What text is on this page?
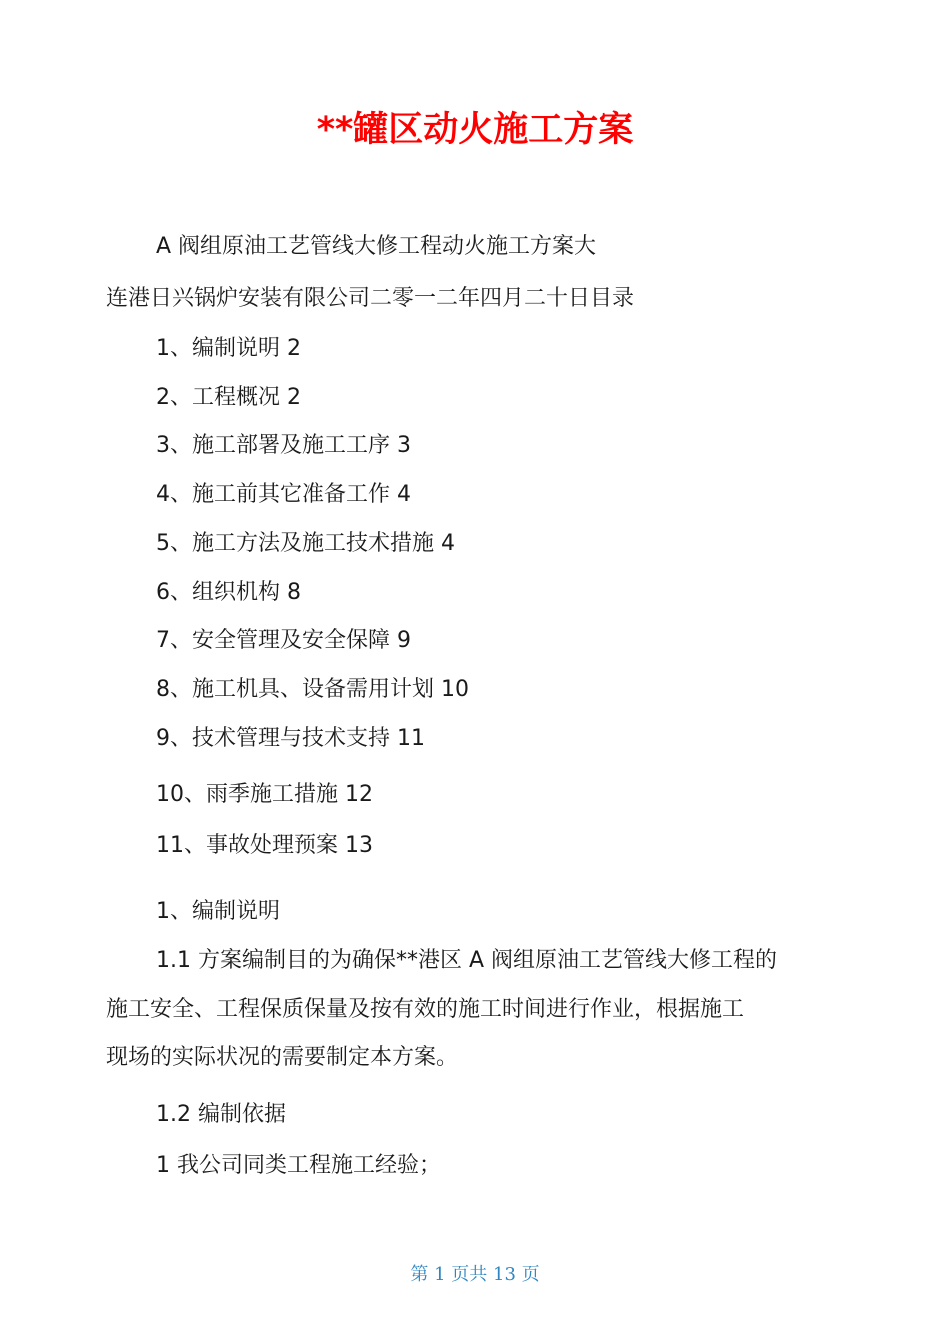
**罐区动火施工方案

A 阀组原油工艺管线大修工程动火施工方案大

连港日兴锅炉安装有限公司二零一二年四月二十日目录

1、编制说明 2

2、工程概况 2

3、施工部署及施工工序 3

4、施工前其它准备工作 4

5、施工方法及施工技术措施 4

6、组织机构 8

7、安全管理及安全保障 9

8、施工机具、设备需用计划 10

9、技术管理与技术支持 11

10、雨季施工措施 12

11、事故处理预案 13

1、编制说明

1.1 方案编制目的为确保**港区 A 阀组原油工艺管线大修工程的

施工安全、工程保质保量及按有效的施工时间进行作业，根据施工

现场的实际状况的需要制定本方案。

1.2 编制依据

1 我公司同类工程施工经验；

第 1 页共 13 页
